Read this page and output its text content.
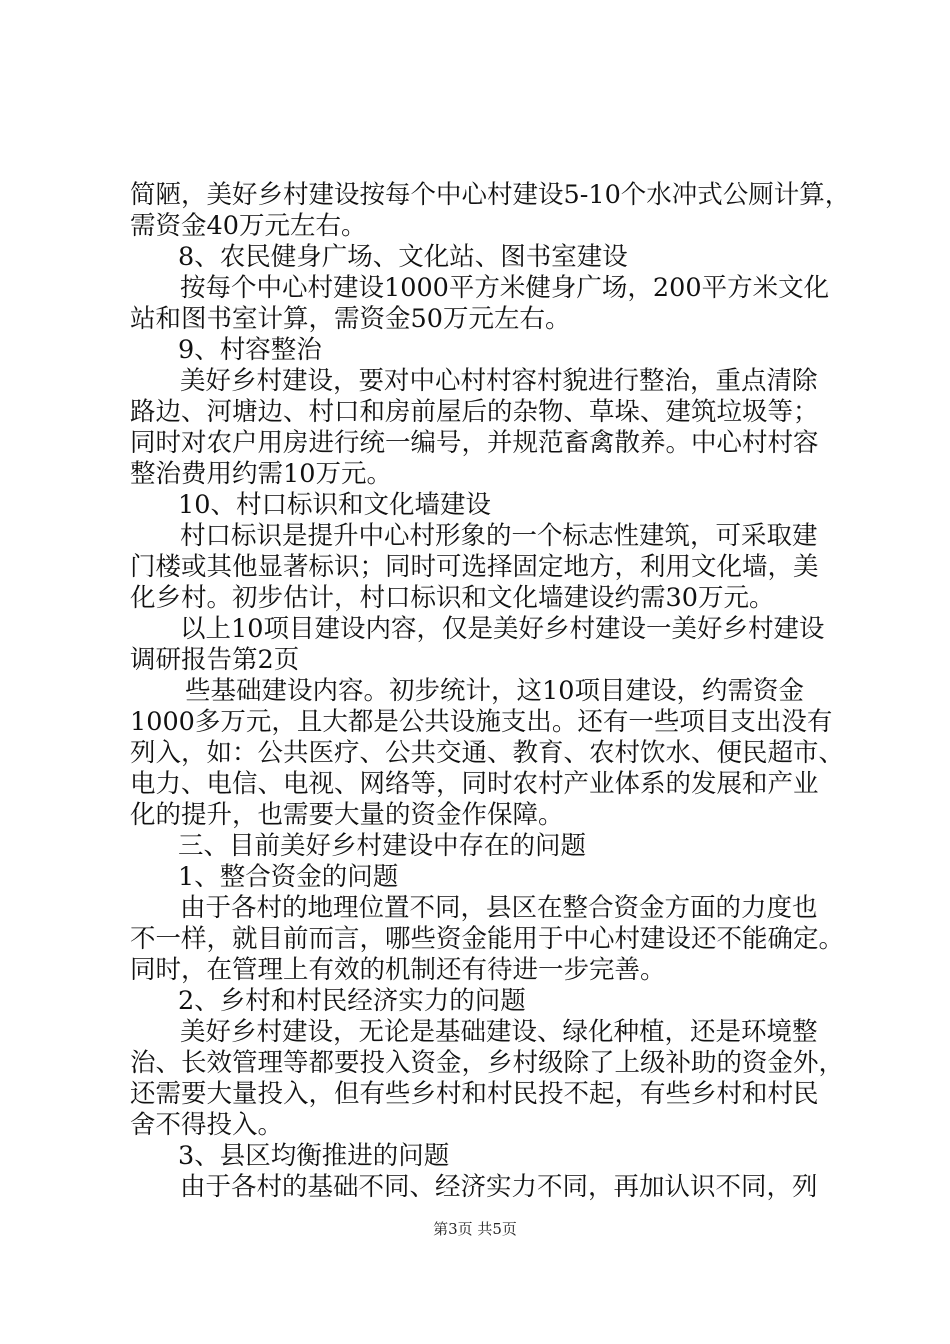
简陋，美好乡村建设按每个中心村建设5-10个水冲式公厕计算，
需资金40万元左右。
8、农民健身广场、文化站、图书室建设
按每个中心村建设1000平方米健身广场，200平方米文化
站和图书室计算，需资金50万元左右。
9、村容整治
美好乡村建设，要对中心村村容村貌进行整治，重点清除
路边、河塘边、村口和房前屋后的杂物、草垛、建筑垃圾等；
同时对农户用房进行统一编号，并规范畜禽散养。中心村村容
整治费用约需10万元。
10、村口标识和文化墙建设
村口标识是提升中心村形象的一个标志性建筑，可采取建
门楼或其他显著标识；同时可选择固定地方，利用文化墙，美
化乡村。初步估计，村口标识和文化墙建设约需30万元。
以上10项目建设内容，仅是美好乡村建设一美好乡村建设
调研报告第2页
些基础建设内容。初步统计，这10项目建设，约需资金
1000多万元，且大都是公共设施支出。还有一些项目支出没有
列入，如：公共医疗、公共交通、教育、农村饮水、便民超市、
电力、电信、电视、网络等，同时农村产业体系的发展和产业
化的提升，也需要大量的资金作保障。
三、目前美好乡村建设中存在的问题
1、整合资金的问题
由于各村的地理位置不同，县区在整合资金方面的力度也
不一样，就目前而言，哪些资金能用于中心村建设还不能确定。
同时，在管理上有效的机制还有待进一步完善。
2、乡村和村民经济实力的问题
美好乡村建设，无论是基础建设、绿化种植，还是环境整
治、长效管理等都要投入资金，乡村级除了上级补助的资金外，
还需要大量投入，但有些乡村和村民投不起，有些乡村和村民
舍不得投入。
3、县区均衡推进的问题
由于各村的基础不同、经济实力不同，再加认识不同，列
第3页 共5页
